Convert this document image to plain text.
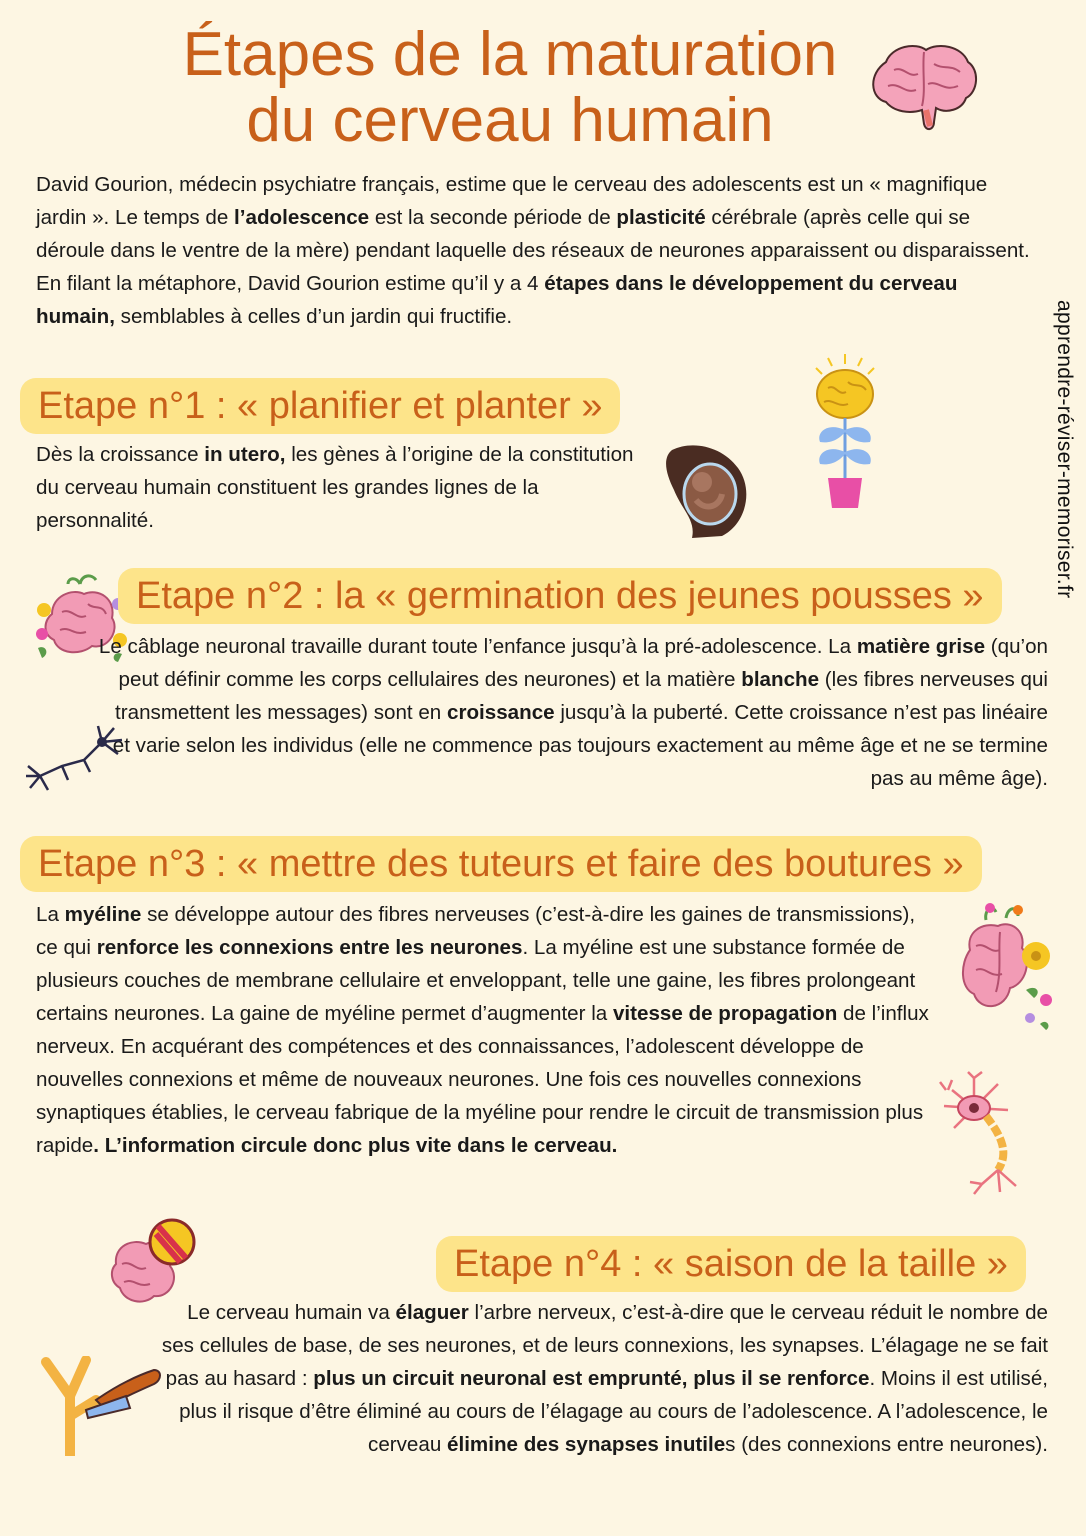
Étapes de la maturation
du cerveau humain
apprendre-réviser-memoriser.fr

David Gourion, médecin psychiatre français, estime que le cerveau des adolescents est un « magnifique jardin ». Le temps de l’adolescence est la seconde période de plasticité cérébrale (après celle qui se déroule dans le ventre de la mère) pendant laquelle des réseaux de neurones apparaissent ou disparaissent. En filant la métaphore, David Gourion estime qu’il y a 4 étapes dans le développement du cerveau humain, semblables à celles d’un jardin qui fructifie.

Etape n°1 : « planifier et planter »

Dès la croissance in utero, les gènes à l’origine de la constitution du cerveau humain constituent les grandes lignes de la personnalité.

Etape n°2 : la « germination des jeunes pousses »

Le câblage neuronal travaille durant toute l’enfance jusqu’à la pré-adolescence. La matière grise (qu’on peut définir comme les corps cellulaires des neurones) et la matière blanche (les fibres nerveuses qui transmettent les messages) sont en croissance jusqu’à la puberté. Cette croissance n’est pas linéaire et varie selon les individus (elle ne commence pas toujours exactement au même âge et ne se termine pas au même âge).

Etape n°3 : « mettre des tuteurs et faire des boutures »

La myéline se développe autour des fibres nerveuses (c’est-à-dire les gaines de transmissions), ce qui renforce les connexions entre les neurones. La myéline est une substance formée de plusieurs couches de membrane cellulaire et enveloppant, telle une gaine, les fibres prolongeant certains neurones. La gaine de myéline permet d’augmenter la vitesse de propagation de l’influx nerveux. En acquérant des compétences et des connaissances, l’adolescent développe de nouvelles connexions et même de nouveaux neurones. Une fois ces nouvelles connexions synaptiques établies, le cerveau fabrique de la myéline pour rendre le circuit de transmission plus rapide. L’information circule donc plus vite dans le cerveau.

Etape n°4 : « saison de la taille »

Le cerveau humain va élaguer l’arbre nerveux, c’est-à-dire que le cerveau réduit le nombre de ses cellules de base, de ses neurones, et de leurs connexions, les synapses. L’élagage ne se fait pas au hasard : plus un circuit neuronal est emprunté, plus il se renforce. Moins il est utilisé, plus il risque d’être éliminé au cours de l’élagage au cours de l’adolescence. A l’adolescence, le cerveau élimine des synapses inutiles (des connexions entre neurones).
